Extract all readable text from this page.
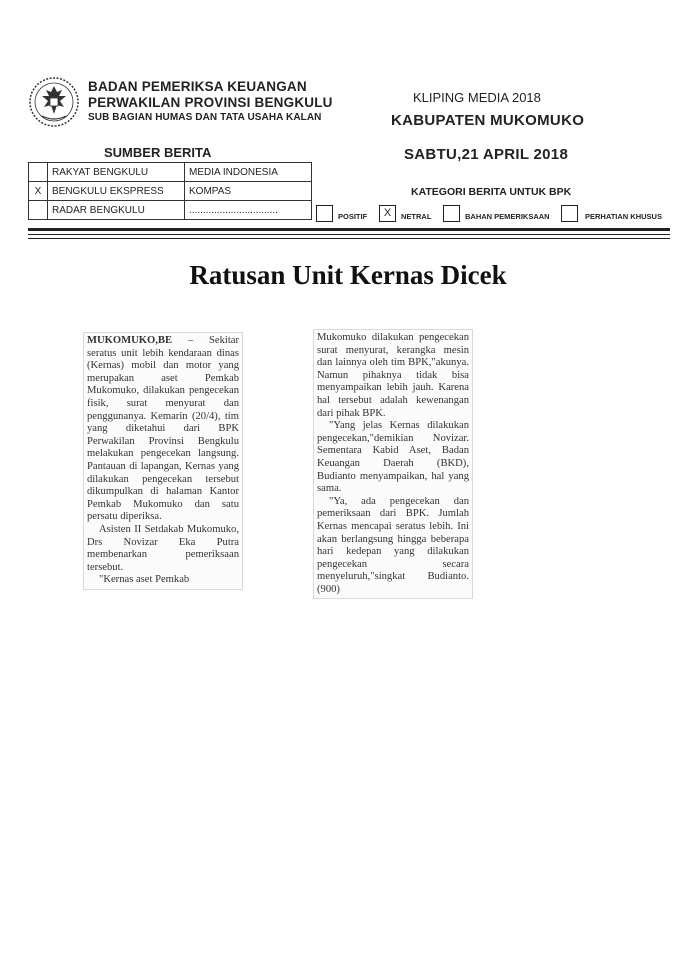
BADAN PEMERIKSA KEUANGAN
PERWAKILAN PROVINSI BENGKULU
SUB BAGIAN HUMAS DAN TATA USAHA KALAN
SUMBER BERITA
	RAKYAT BENGKULU	MEDIA INDONESIA
X	BENGKULU EKSPRESS	KOMPAS
	RADAR BENGKULU	................................
KLIPING MEDIA 2018
KABUPATEN MUKOMUKO
SABTU,21 APRIL 2018
KATEGORI BERITA UNTUK BPK
POSITIF	X	NETRAL	BAHAN PEMERIKSAAN	PERHATIAN KHUSUS
Ratusan Unit Kernas Dicek

MUKOMUKO,BE – Sekitar seratus unit lebih kendaraan dinas (Kernas) mobil dan motor yang merupakan aset Pemkab Mukomuko, dilakukan pengecekan fisik, surat menyurat dan penggunanya. Kemarin (20/4), tim yang diketahui dari BPK Perwakilan Provinsi Bengkulu melakukan pengecekan langsung. Pantauan di lapangan, Kernas yang dilakukan pengecekan tersebut dikumpulkan di halaman Kantor Pemkab Mukomuko dan satu persatu diperiksa.

Asisten II Setdakab Mukomuko, Drs Novizar Eka Putra membenarkan pemeriksaan tersebut.

"Kernas aset Pemkab

Mukomuko dilakukan pengecekan surat menyurat, kerangka mesin dan lainnya oleh tim BPK,"akunya. Namun pihaknya tidak bisa menyampaikan lebih jauh. Karena hal tersebut adalah kewenangan dari pihak BPK.

"Yang jelas Kernas dilakukan pengecekan,"demikian Novizar. Sementara Kabid Aset, Badan Keuangan Daerah (BKD), Budianto menyampaikan, hal yang sama.

"Ya, ada pengecekan dan pemeriksaan dari BPK. Jumlah Kernas mencapai seratus lebih. Ini akan berlangsung hingga beberapa hari kedepan yang dilakukan pengecekan secara menyeluruh,"singkat Budianto.(900)
